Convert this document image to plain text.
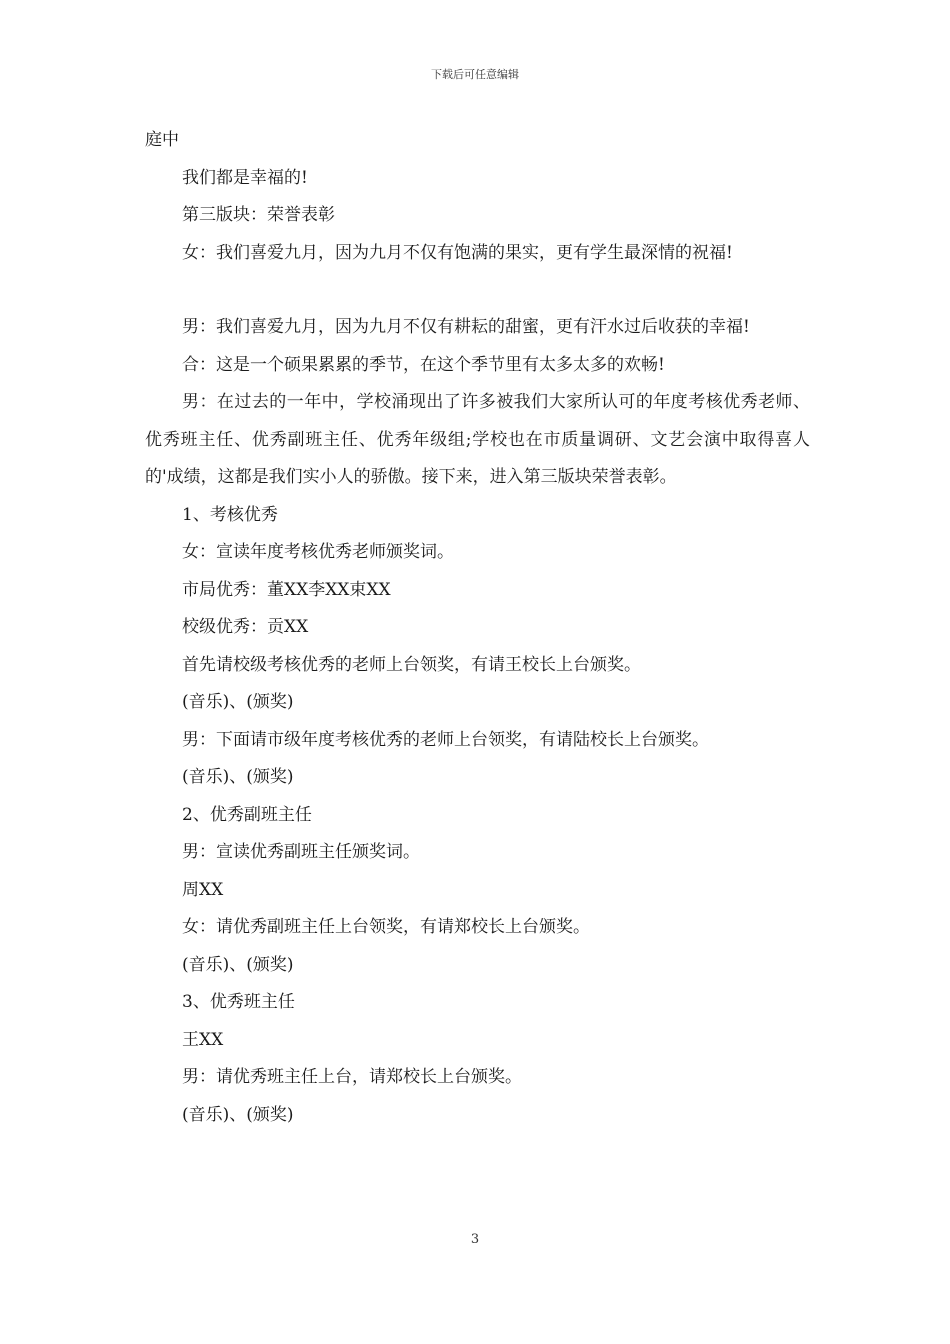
下载后可任意编辑

庭中

我们都是幸福的!

第三版块：荣誉表彰

女：我们喜爱九月，因为九月不仅有饱满的果实，更有学生最深情的祝福!

男：我们喜爱九月，因为九月不仅有耕耘的甜蜜，更有汗水过后收获的幸福!

合：这是一个硕果累累的季节，在这个季节里有太多太多的欢畅!

男：在过去的一年中，学校涌现出了许多被我们大家所认可的年度考核优秀老师、优秀班主任、优秀副班主任、优秀年级组;学校也在市质量调研、文艺会演中取得喜人的'成绩，这都是我们实小人的骄傲。接下来，进入第三版块荣誉表彰。

1、考核优秀

女：宣读年度考核优秀老师颁奖词。

市局优秀：董XX李XX束XX

校级优秀：贡XX

首先请校级考核优秀的老师上台领奖，有请王校长上台颁奖。

(音乐)、(颁奖)

男：下面请市级年度考核优秀的老师上台领奖，有请陆校长上台颁奖。

(音乐)、(颁奖)

2、优秀副班主任

男：宣读优秀副班主任颁奖词。

周XX

女：请优秀副班主任上台领奖，有请郑校长上台颁奖。

(音乐)、(颁奖)

3、优秀班主任

王XX

男：请优秀班主任上台，请郑校长上台颁奖。

(音乐)、(颁奖)

3
